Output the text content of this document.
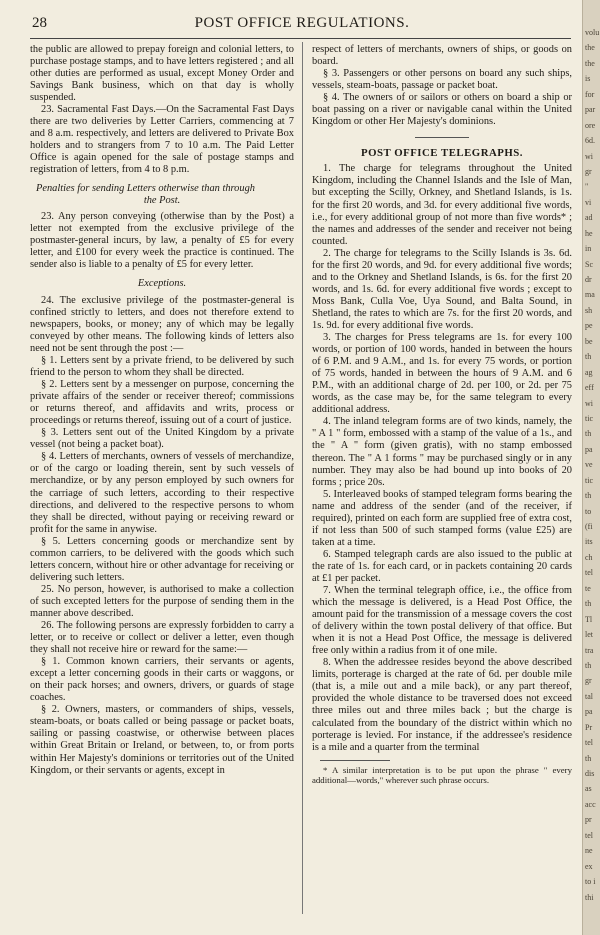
28	POST OFFICE REGULATIONS.

the public are allowed to prepay foreign and colonial letters, to purchase postage stamps, and to have letters registered ; and all other duties are performed as usual, except Money Order and Savings Bank business, which on that day is wholly suspended.

23. Sacramental Fast Days.—On the Sacramental Fast Days there are two deliveries by Letter Carriers, commencing at 7 and 8 a.m. respectively, and letters are delivered to Private Box holders and to strangers from 7 to 10 a.m. The Paid Letter Office is again opened for the sale of postage stamps and registration of letters, from 4 to 8 p.m.

Penalties for sending Letters otherwise than through
the Post.

23. Any person conveying (otherwise than by the Post) a letter not exempted from the exclusive privilege of the postmaster-general incurs, by law, a penalty of £5 for every letter, and £100 for every week the practice is continued. The sender also is liable to a penalty of £5 for every letter.

Exceptions.

24. The exclusive privilege of the postmaster-general is confined strictly to letters, and does not therefore extend to newspapers, books, or money; any of which may be legally conveyed by other means. The following kinds of letters also need not be sent through the post :—

§ 1. Letters sent by a private friend, to be delivered by such friend to the person to whom they shall be directed.

§ 2. Letters sent by a messenger on purpose, concerning the private affairs of the sender or receiver thereof; commissions or returns thereof, and affidavits and writs, process or proceedings or returns thereof, issuing out of a court of justice.

§ 3. Letters sent out of the United Kingdom by a private vessel (not being a packet boat).

§ 4. Letters of merchants, owners of vessels of merchandize, or of the cargo or loading therein, sent by such vessels of merchandize, or by any person employed by such owners for the carriage of such letters, according to their respective directions, and delivered to the respective persons to whom they shall be directed, without paying or receiving reward or profit for the same in anywise.

§ 5. Letters concerning goods or merchandize sent by common carriers, to be delivered with the goods which such letters concern, without hire or other advantage for receiving or delivering such letters.

25. No person, however, is authorised to make a collection of such excepted letters for the purpose of sending them in the manner above described.

26. The following persons are expressly forbidden to carry a letter, or to receive or collect or deliver a letter, even though they shall not receive hire or reward for the same:—

§ 1. Common known carriers, their servants or agents, except a letter concerning goods in their carts or waggons, or on their pack horses; and owners, drivers, or guards of stage coaches.

§ 2. Owners, masters, or commanders of ships, vessels, steam-boats, or boats called or being passage or packet boats, sailing or passing coastwise, or otherwise between places within Great Britain or Ireland, or between, to, or from ports within Her Majesty's dominions or territories out of the United Kingdom, or their servants or agents, except in

respect of letters of merchants, owners of ships, or goods on board.

§ 3. Passengers or other persons on board any such ships, vessels, steam-boats, passage or packet boat.

§ 4. The owners of or sailors or others on board a ship or boat passing on a river or navigable canal within the United Kingdom or other Her Majesty's dominions.

POST OFFICE TELEGRAPHS.

1. The charge for telegrams throughout the United Kingdom, including the Channel Islands and the Isle of Man, but excepting the Scilly, Orkney, and Shetland Islands, is 1s. for the first 20 words, and 3d. for every additional five words, i.e., for every additional group of not more than five words* ; the names and addresses of the sender and receiver not being counted.

2. The charge for telegrams to the Scilly Islands is 3s. 6d. for the first 20 words, and 9d. for every additional five words; and to the Orkney and Shetland Islands, is 6s. for the first 20 words, and 1s. 6d. for every additional five words ; except to Moss Bank, Culla Voe, Uya Sound, and Balta Sound, in Shetland, the rates to which are 7s. for the first 20 words, and 1s. 9d. for every additional five words.

3. The charges for Press telegrams are 1s. for every 100 words, or portion of 100 words, handed in between the hours of 6 P.M. and 9 A.M., and 1s. for every 75 words, or portion of 75 words, handed in between the hours of 9 A.M. and 6 P.M., with an additional charge of 2d. per 100, or 2d. per 75 words, as the case may be, for the same telegram to every additional address.

4. The inland telegram forms are of two kinds, namely, the " A 1 " form, embossed with a stamp of the value of a 1s., and the " A " form (given gratis), with no stamp embossed thereon. The " A 1 forms " may be purchased singly or in any number. They may also be had bound up into books of 20 forms ; price 20s.

5. Interleaved books of stamped telegram forms bearing the name and address of the sender (and of the receiver, if required), printed on each form are supplied free of extra cost, if not less than 500 of such stamped forms (value £25) are taken at a time.

6. Stamped telegraph cards are also issued to the public at the rate of 1s. for each card, or in packets containing 20 cards at £1 per packet.

7. When the terminal telegraph office, i.e., the office from which the message is delivered, is a Head Post Office, the amount paid for the transmission of a message covers the cost of delivery within the town postal delivery of that office. But when it is not a Head Post Office, the message is delivered free only within a radius from it of one mile.

8. When the addressee resides beyond the above described limits, porterage is charged at the rate of 6d. per double mile (that is, a mile out and a mile back), or any part thereof, provided the whole distance to be traversed does not exceed three miles out and three miles back ; but the charge is calculated from the boundary of the district within which no porterage is levied. For instance, if the addressee's residence is a mile and a quarter from the terminal

* A similar interpretation is to be put upon the phrase " every additional—words," wherever such phrase occurs.

volu
the
the
is
for
par
ore
6d.
wi
gr
"
vi
ad
he
in
Sc
dr
ma
sh
pe
be
th
ag
eff
wi
tic
th
pa
ve
tic
th
to
(fi
its
ch
tel
te
th
Tl
let
tra
th
gr
tal
pa
Pr
tel
th
dis
as
acc
pr
tel
ne
ex
to i
thi
